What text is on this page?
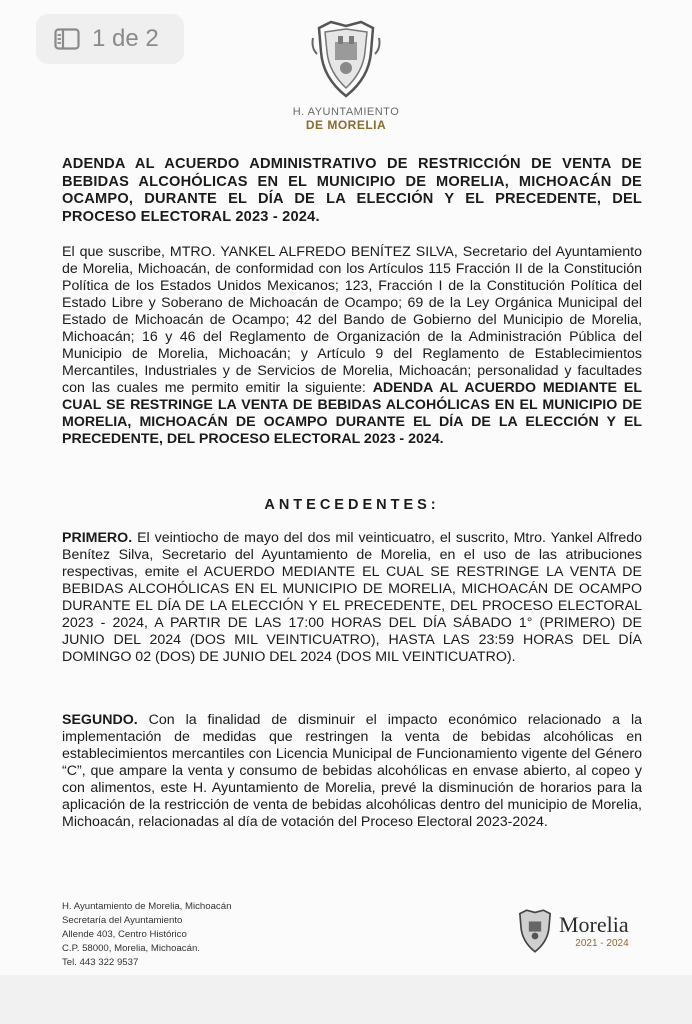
1 de 2
H. AYUNTAMIENTO
DE MORELIA
ADENDA AL ACUERDO ADMINISTRATIVO DE RESTRICCIÓN DE VENTA DE BEBIDAS ALCOHÓLICAS EN EL MUNICIPIO DE MORELIA, MICHOACÁN DE OCAMPO, DURANTE EL DÍA DE LA ELECCIÓN Y EL PRECEDENTE, DEL PROCESO ELECTORAL 2023 - 2024.
El que suscribe, MTRO. YANKEL ALFREDO BENÍTEZ SILVA, Secretario del Ayuntamiento de Morelia, Michoacán, de conformidad con los Artículos 115 Fracción II de la Constitución Política de los Estados Unidos Mexicanos; 123, Fracción I de la Constitución Política del Estado Libre y Soberano de Michoacán de Ocampo; 69 de la Ley Orgánica Municipal del Estado de Michoacán de Ocampo; 42 del Bando de Gobierno del Municipio de Morelia, Michoacán; 16 y 46 del Reglamento de Organización de la Administración Pública del Municipio de Morelia, Michoacán; y Artículo 9 del Reglamento de Establecimientos Mercantiles, Industriales y de Servicios de Morelia, Michoacán; personalidad y facultades con las cuales me permito emitir la siguiente: ADENDA AL ACUERDO MEDIANTE EL CUAL SE RESTRINGE LA VENTA DE BEBIDAS ALCOHÓLICAS EN EL MUNICIPIO DE MORELIA, MICHOACÁN DE OCAMPO DURANTE EL DÍA DE LA ELECCIÓN Y EL PRECEDENTE, DEL PROCESO ELECTORAL 2023 - 2024.
ANTECEDENTES:
PRIMERO. El veintiocho de mayo del dos mil veinticuatro, el suscrito, Mtro. Yankel Alfredo Benítez Silva, Secretario del Ayuntamiento de Morelia, en el uso de las atribuciones respectivas, emite el ACUERDO MEDIANTE EL CUAL SE RESTRINGE LA VENTA DE BEBIDAS ALCOHÓLICAS EN EL MUNICIPIO DE MORELIA, MICHOACÁN DE OCAMPO DURANTE EL DÍA DE LA ELECCIÓN Y EL PRECEDENTE, DEL PROCESO ELECTORAL 2023 - 2024, A PARTIR DE LAS 17:00 HORAS DEL DÍA SÁBADO 1° (PRIMERO) DE JUNIO DEL 2024 (DOS MIL VEINTICUATRO), HASTA LAS 23:59 HORAS DEL DÍA DOMINGO 02 (DOS) DE JUNIO DEL 2024 (DOS MIL VEINTICUATRO).
SEGUNDO. Con la finalidad de disminuir el impacto económico relacionado a la implementación de medidas que restringen la venta de bebidas alcohólicas en establecimientos mercantiles con Licencia Municipal de Funcionamiento vigente del Género “C”, que ampare la venta y consumo de bebidas alcohólicas en envase abierto, al copeo y con alimentos, este H. Ayuntamiento de Morelia, prevé la disminución de horarios para la aplicación de la restricción de venta de bebidas alcohólicas dentro del municipio de Morelia, Michoacán, relacionadas al día de votación del Proceso Electoral 2023-2024.
H. Ayuntamiento de Morelia, Michoacán
Secretaría del Ayuntamiento
Allende 403, Centro Histórico
C.P. 58000, Morelia, Michoacán.
Tel. 443 322 9537
Morelia
2021 - 2024
